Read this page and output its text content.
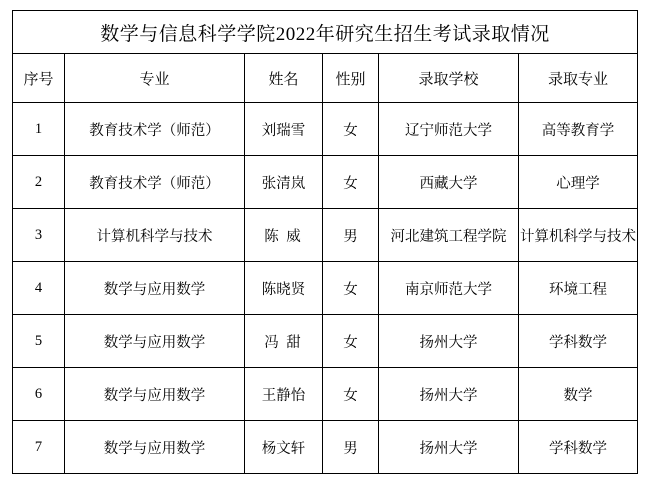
数学与信息科学学院2022年研究生招生考试录取情况					
序号	专业	姓名	性别	录取学校	录取专业
1	教育技术学（师范）	刘瑞雪	女	辽宁师范大学	高等教育学
2	教育技术学（师范）	张清岚	女	西藏大学	心理学
3	计算机科学与技术	陈 威	男	河北建筑工程学院	计算机科学与技术
4	数学与应用数学	陈晓贤	女	南京师范大学	环境工程
5	数学与应用数学	冯 甜	女	扬州大学	学科数学
6	数学与应用数学	王静怡	女	扬州大学	数学
7	数学与应用数学	杨文轩	男	扬州大学	学科数学
